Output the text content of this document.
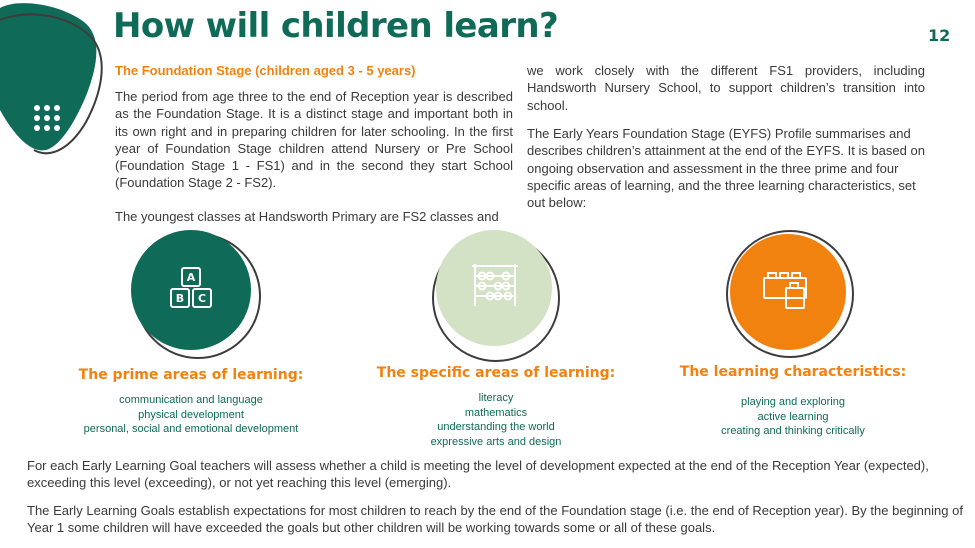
How will children learn?	12
The Foundation Stage (children aged 3 - 5 years)

The period from age three to the end of Reception year is described as the Foundation Stage. It is a distinct stage and important both in its own right and in preparing children for later schooling. In the first year of Foundation Stage children attend Nursery or Pre School (Foundation Stage 1 - FS1) and in the second they start School (Foundation Stage 2 - FS2).

The youngest classes at Handsworth Primary are FS2 classes and

we work closely with the different FS1 providers, including Handsworth Nursery School, to support children’s transition into school.

The Early Years Foundation Stage (EYFS) Profile summarises and describes children’s attainment at the end of the EYFS. It is based on ongoing observation and assessment in the three prime and four specific areas of learning, and the three learning characteristics, set out below:

A
B C
The prime areas of learning:
communication and language
physical development
personal, social and emotional development
The specific areas of learning:
literacy
mathematics
understanding the world
expressive arts and design
The learning characteristics:
playing and exploring
active learning
creating and thinking critically

For each Early Learning Goal teachers will assess whether a child is meeting the level of development expected at the end of the Reception Year (expected), exceeding this level (exceeding), or not yet reaching this level (emerging).

The Early Learning Goals establish expectations for most children to reach by the end of the Foundation stage (i.e. the end of Reception year). By the beginning of Year 1 some children will have exceeded the goals but other children will be working towards some or all of these goals.
